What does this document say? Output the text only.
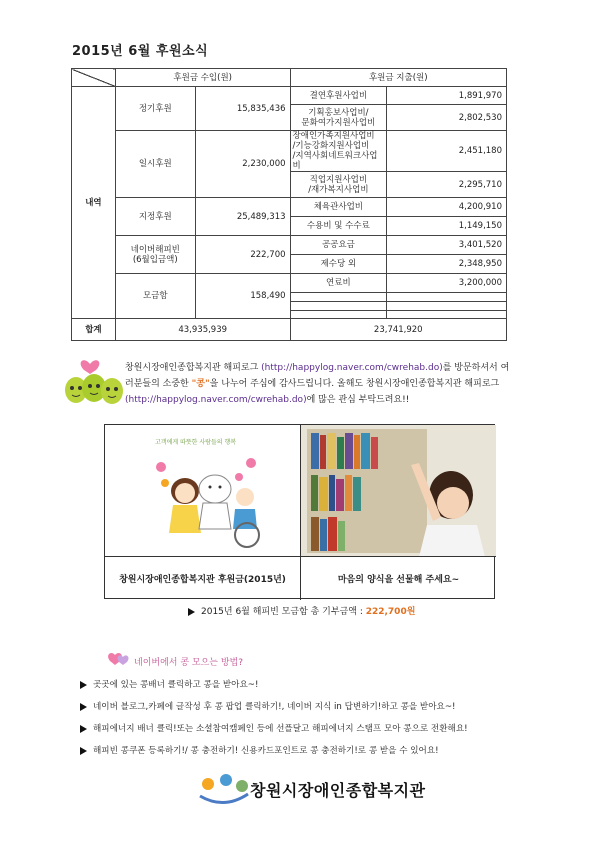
2015년 6월 후원소식
	후원금 수입(원)		후원금 지출(원)	
내역	정기후원	15,835,436	결연후원사업비	1,891,970
			기획홍보사업비/
문화여가지원사업비	2,802,530
	일시후원	2,230,000	장애인가족지원사업비
/기능강화지원사업비
/지역사회네트워크사업비	2,451,180
			직업지원사업비
/재가복지사업비	2,295,710
	지정후원	25,489,313	체육관사업비	4,200,910
			수용비 및 수수료	1,149,150
	네이버해피빈
(6월입금액)	222,700	공공요금	3,401,520
			제수당 외	2,348,950
	모금함	158,490	연료비	3,200,000

합계	43,935,939		23,741,920	
창원시장애인종합복지관 해피로그 (http://happylog.naver.com/cwrehab.do)를 방문하셔서 여러분들의 소중한 "콩"을 나누어 주심에 감사드립니다. 올해도 창원시장애인종합복지관 해피로그 (http://happylog.naver.com/cwrehab.do)에 많은 관심 부탁드려요!!
고객에게 따뜻한 사람들의 행복
창원시장애인종합복지관 후원금(2015년)	마음의 양식을 선물해 주세요~
2015년 6월 해피빈 모금함 총 기부금액 : 222,700원
네이버에서 콩 모으는 방법?
곳곳에 있는 콩배너 클릭하고 콩을 받아요~!
네이버 블로그,카페에 글작성 후 콩 팝업 클릭하기!, 네이버 지식 in 답변하기!하고 콩을 받아요~!
해피에너지 배너 클릭!또는 소셜참여캠페인 등에 선플달고 해피에너지 스탬프 모아 콩으로 전환해요!
해피빈 콩쿠폰 등록하기!/ 콩 충전하기! 신용카드포인트로 콩 충전하기!로 콩 받을 수 있어요!
창원시장애인종합복지관
